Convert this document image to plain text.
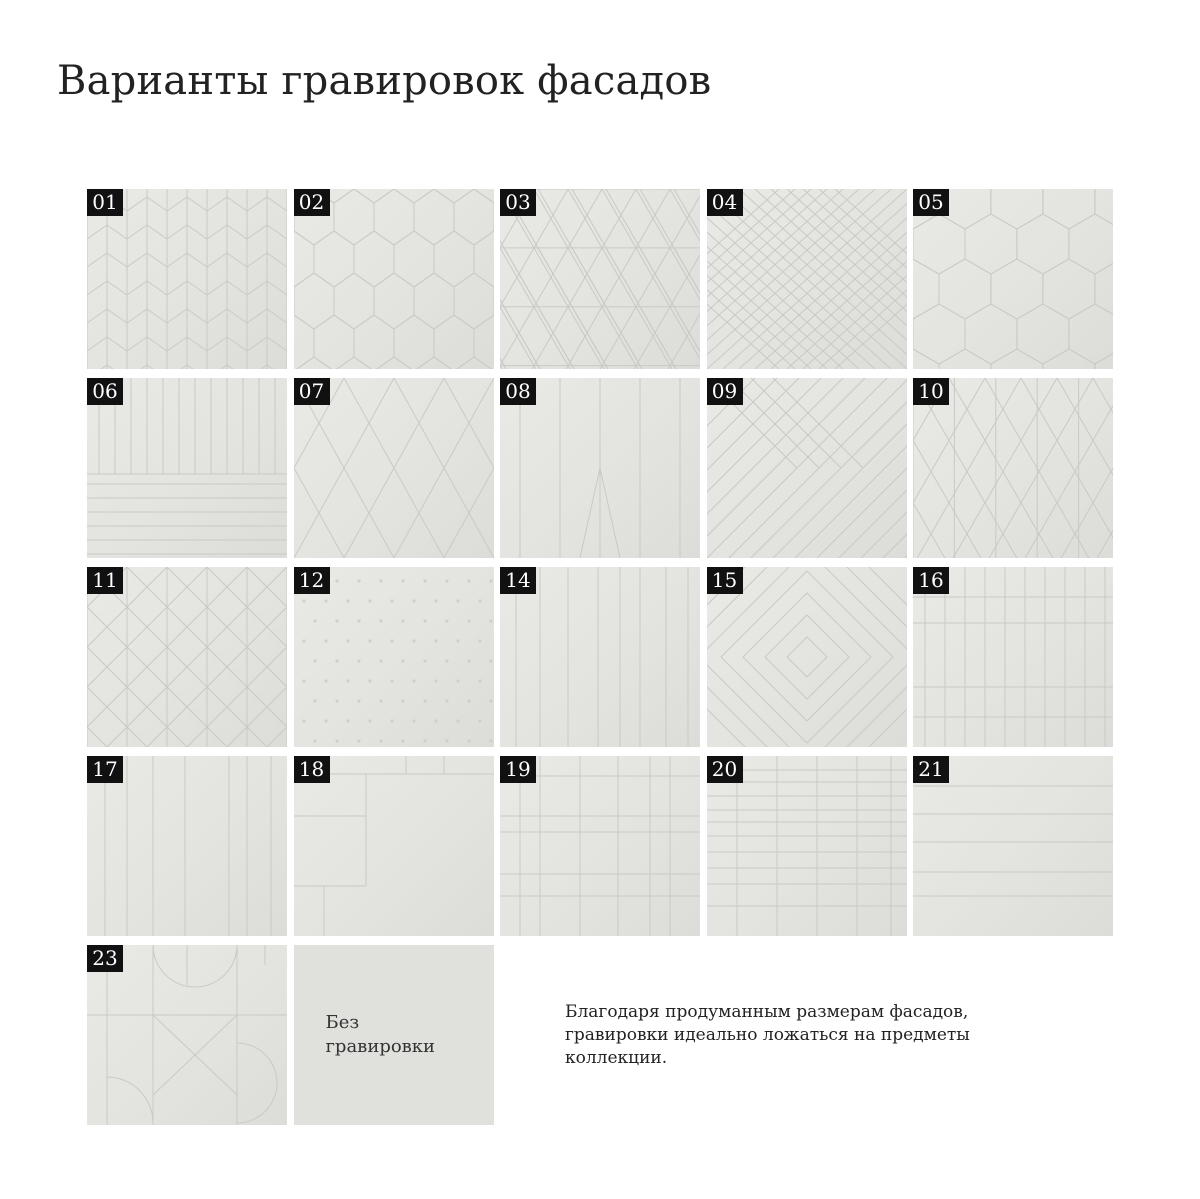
Варианты гравировок фасадов
01	02	03	04	05
06	07	08	09	10
11	12	14	15	16
17	18	19	20	21
23
Без
гравировки

Благодаря продуманным размерам фасадов, гравировки идеально ложаться на предметы коллекции.
